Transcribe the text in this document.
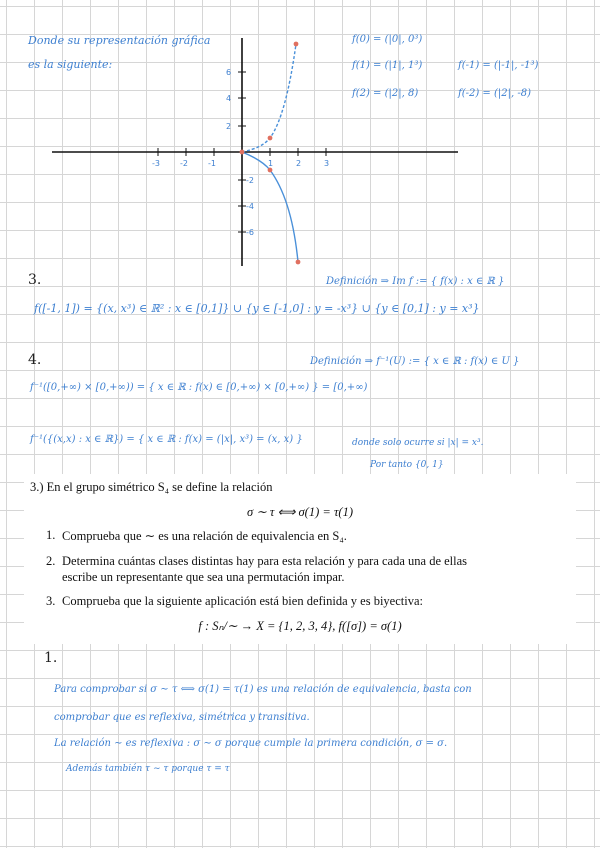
Donde su representación gráfica
es la siguiente:
f(0) = (|0|, 0³)
f(1) = (|1|, 1³)
f(2) = (|2|, 8)
f(-1) = (|-1|, -1³)
f(-2) = (|2|, -8)
-3	-2	-1	1	2	3
6
4
2
-2
-4
-6
3.	Definición ⇒ Im f := { f(x) : x ∈ ℝ }
f([-1, 1]) = {(x, x³) ∈ ℝ² : x ∈ [0,1]} ∪ {y ∈ [-1,0] : y = -x³} ∪ {y ∈ [0,1] : y = x³}
4.	Definición ⇒ f⁻¹(U) := { x ∈ ℝ : f(x) ∈ U }
f⁻¹([0,+∞) × [0,+∞)) = { x ∈ ℝ : f(x) ∈ [0,+∞) × [0,+∞) } = [0,+∞)
f⁻¹({(x,x) : x ∈ ℝ}) = { x ∈ ℝ : f(x) = (|x|, x³) = (x, x) }	donde solo ocurre si |x| = x³.
Por tanto {0, 1}
3.) En el grupo simétrico S₄ se define la relación
σ ∼ τ ⟺ σ(1) = τ(1)
1. Comprueba que ∼ es una relación de equivalencia en S₄.
2. Determina cuántas clases distintas hay para esta relación y para cada una de ellas
escribe un representante que sea una permutación impar.
3. Comprueba que la siguiente aplicación está bien definida y es biyectiva:
f : Sₙ/∼ → X = {1, 2, 3, 4}, f([σ]) = σ(1)
1.
Para comprobar si σ ∼ τ ⟺ σ(1) = τ(1) es una relación de equivalencia, basta con
comprobar que es reflexiva, simétrica y transitiva.
La relación ∼ es reflexiva : σ ∼ σ porque cumple la primera condición, σ = σ.
Además también τ ∼ τ porque τ = τ
